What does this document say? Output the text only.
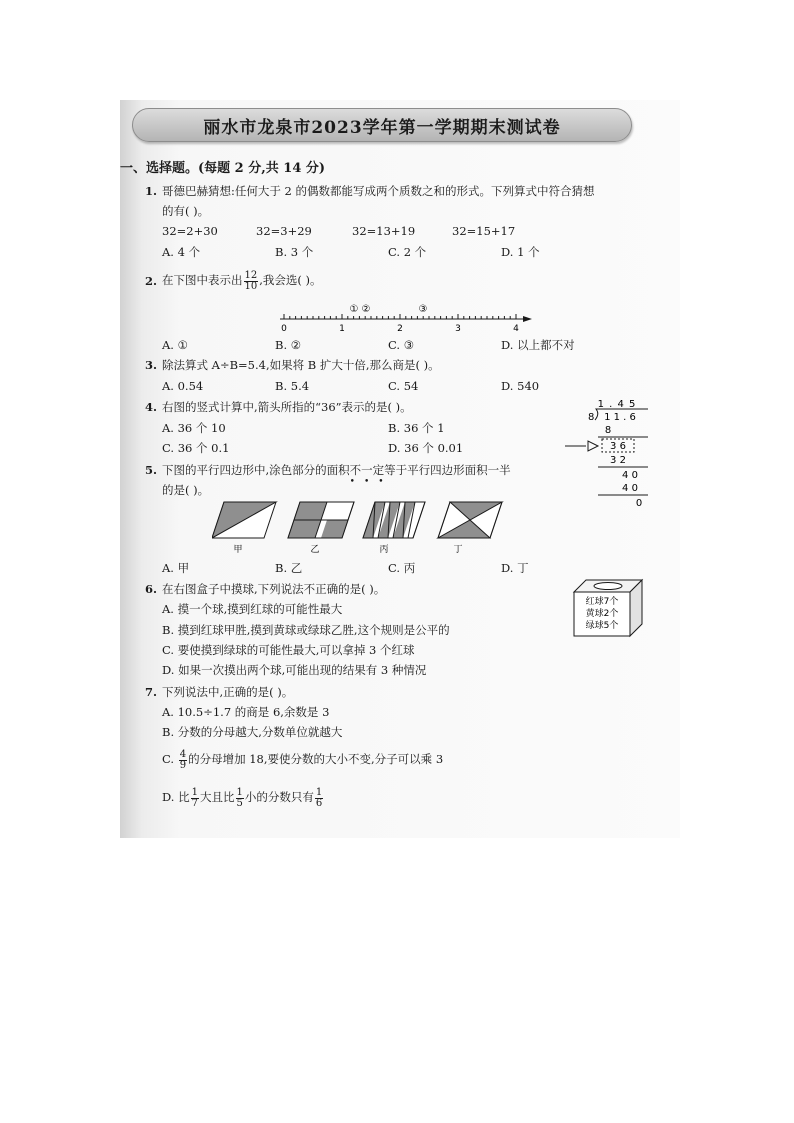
丽水市龙泉市2023学年第一学期期末测试卷
一、选择题。(每题 2 分,共 14 分)
1. 哥德巴赫猜想:任何大于 2 的偶数都能写成两个质数之和的形式。下列算式中符合猜想
的有( )。
32=2+30	32=3+29	32=13+19	32=15+17
A. 4 个	B. 3 个	C. 2 个	D. 1 个
2. 在下图中表示出 $\frac{12}{10}$ ,我会选( )。
0	1	2	3	4
① ②	③
A. ①	B. ②	C. ③	D. 以上都不对
3. 除法算式 A÷B=5.4,如果将 B 扩大十倍,那么商是( )。
A. 0.54	B. 5.4	C. 54	D. 540
4. 右图的竖式计算中,箭头所指的“36”表示的是( )。
A. 36 个 10	B. 36 个 1
C. 36 个 0.1	D. 36 个 0.01
1 . 4 5
8 1 1 . 6
8
3 6
3 2
4 0
4 0
0
5. 下图的平行四边形中,涂色部分的面积不一定
•••
等于平行四边形面积一半
的是( )。
甲	乙	丙	丁
A. 甲	B. 乙	C. 丙	D. 丁
6. 在右图盒子中摸球,下列说法不正确的是( )。
A. 摸一个球,摸到红球的可能性最大
B. 摸到红球甲胜,摸到黄球或绿球乙胜,这个规则是公平的
C. 要使摸到绿球的可能性最大,可以拿掉 3 个红球
D. 如果一次摸出两个球,可能出现的结果有 3 种情况
红球7个
黄球2个
绿球5个
7. 下列说法中,正确的是( )。
A. 10.5÷1.7 的商是 6,余数是 3
B. 分数的分母越大,分数单位就越大
C. $\frac{4}{9}$ 的分母增加 18,要使分数的大小不变,分子可以乘 3
D. 比 $\frac{1}{7}$ 大且比 $\frac{1}{5}$ 小的分数只有 $\frac{1}{6}$
